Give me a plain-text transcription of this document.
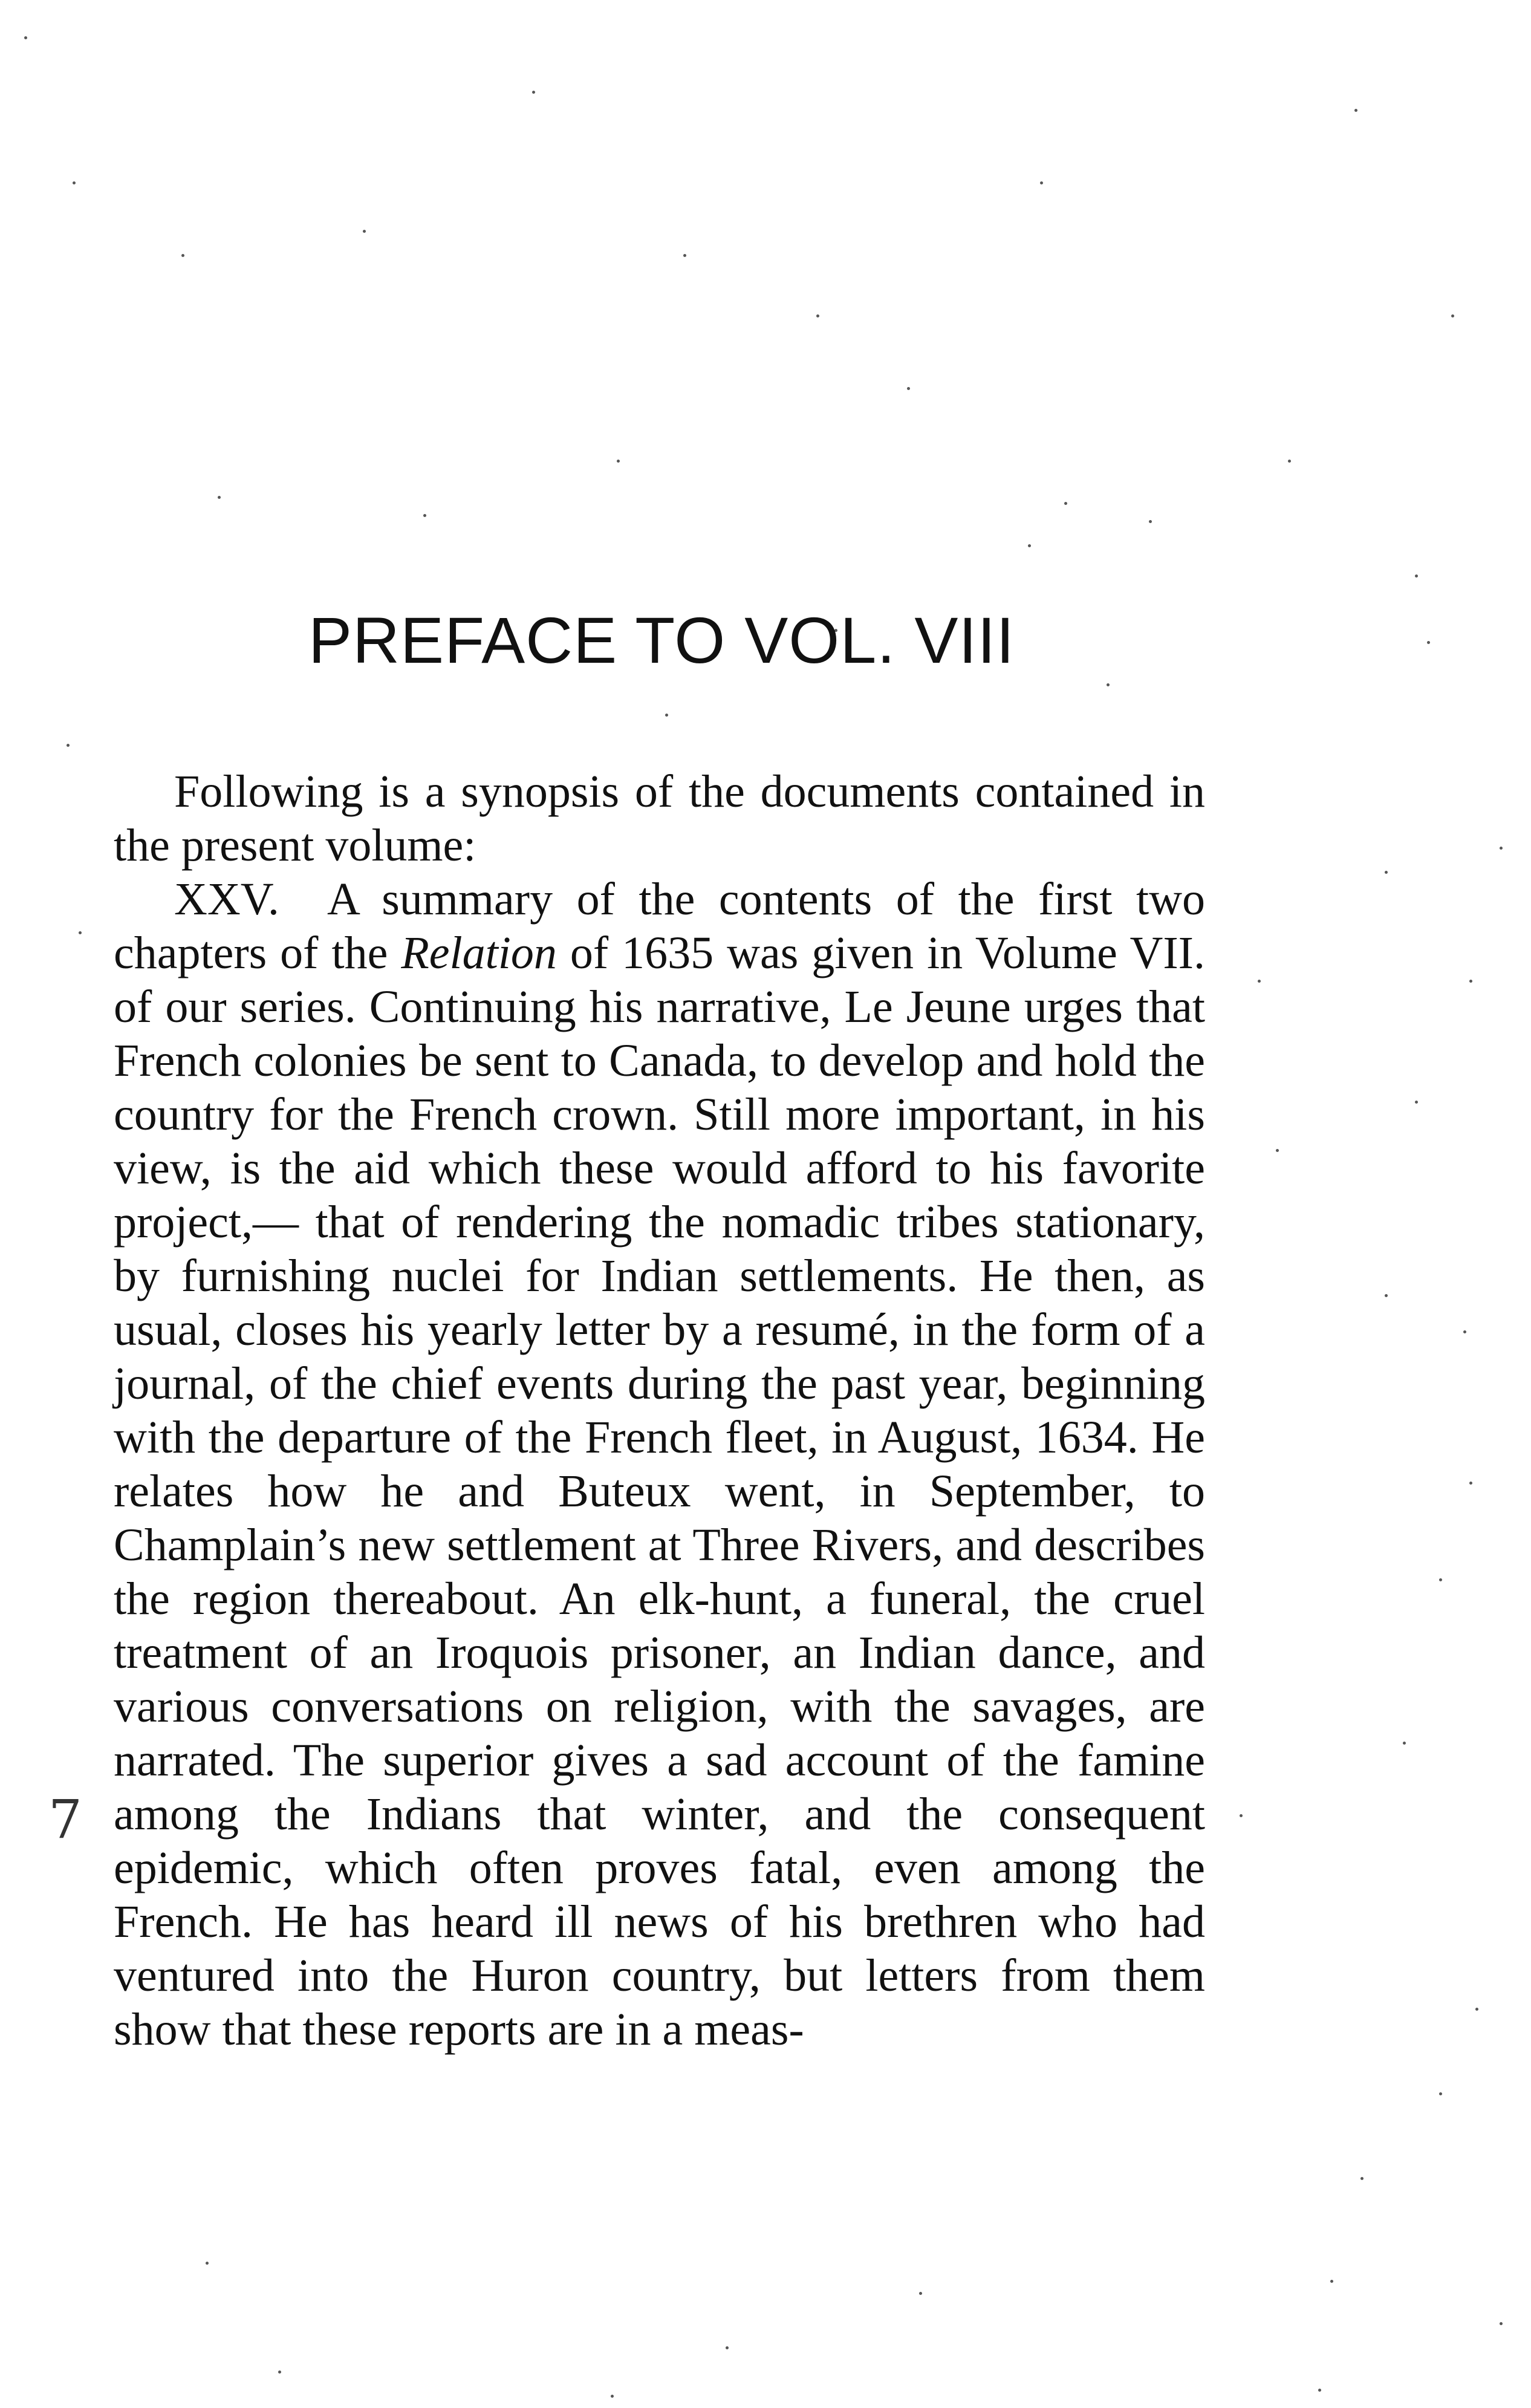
PREFACE TO VOL. VIII

Following is a synopsis of the documents contained in the present volume:

XXV. A summary of the contents of the first two chapters of the Relation of 1635 was given in Volume VII. of our series. Continuing his narrative, Le Jeune urges that French colonies be sent to Canada, to develop and hold the country for the French crown. Still more important, in his view, is the aid which these would afford to his favorite project,— that of rendering the nomadic tribes stationary, by furnishing nuclei for Indian settlements. He then, as usual, closes his yearly letter by a resumé, in the form of a journal, of the chief events during the past year, beginning with the departure of the French fleet, in August, 1634. He relates how he and Buteux went, in September, to Champlain’s new settlement at Three Rivers, and describes the region thereabout. An elk-hunt, a funeral, the cruel treatment of an Iroquois prisoner, an Indian dance, and various conversations on religion, with the savages, are narrated. The superior gives a sad account of the famine among the Indians that winter, and the consequent epidemic, which often proves fatal, even among the French. He has heard ill news of his brethren who had ventured into the Huron country, but letters from them show that these reports are in a meas-

7
